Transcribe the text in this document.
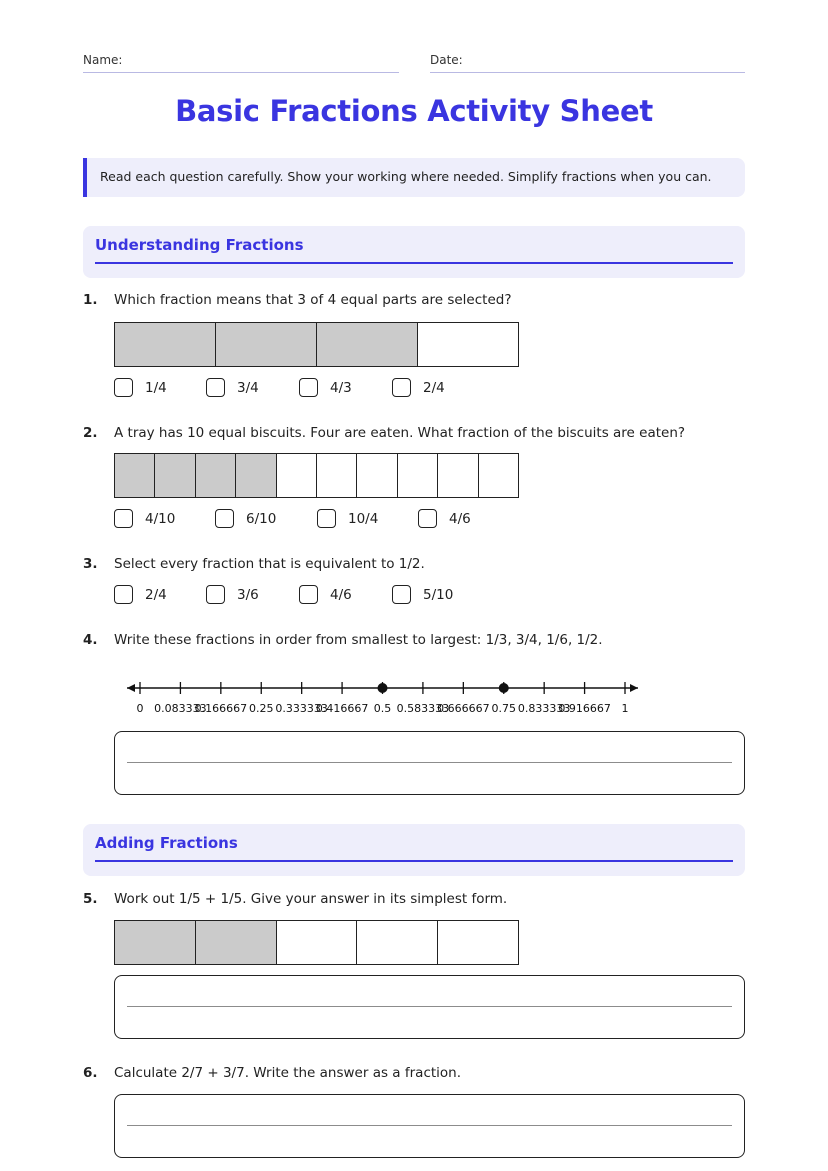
Name:	Date:
Basic Fractions Activity Sheet
Read each question carefully. Show your working where needed. Simplify fractions when you can.
Understanding Fractions
1. Which fraction means that 3 of 4 equal parts are selected?
1/4	3/4	4/3	2/4
2. A tray has 10 equal biscuits. Four are eaten. What fraction of the biscuits are eaten?
4/10	6/10	10/4	4/6
3. Select every fraction that is equivalent to 1/2.
2/4	3/6	4/6	5/10
4. Write these fractions in order from smallest to largest: 1/3, 3/4, 1/6, 1/2.
0 0.083333
0.166667 0.25 0.333333
0.416667 0.5 0.583333
0.666667 0.75 0.833333
0.916667 1
Adding Fractions
5. Work out 1/5 + 1/5. Give your answer in its simplest form.
6. Calculate 2/7 + 3/7. Write the answer as a fraction.
